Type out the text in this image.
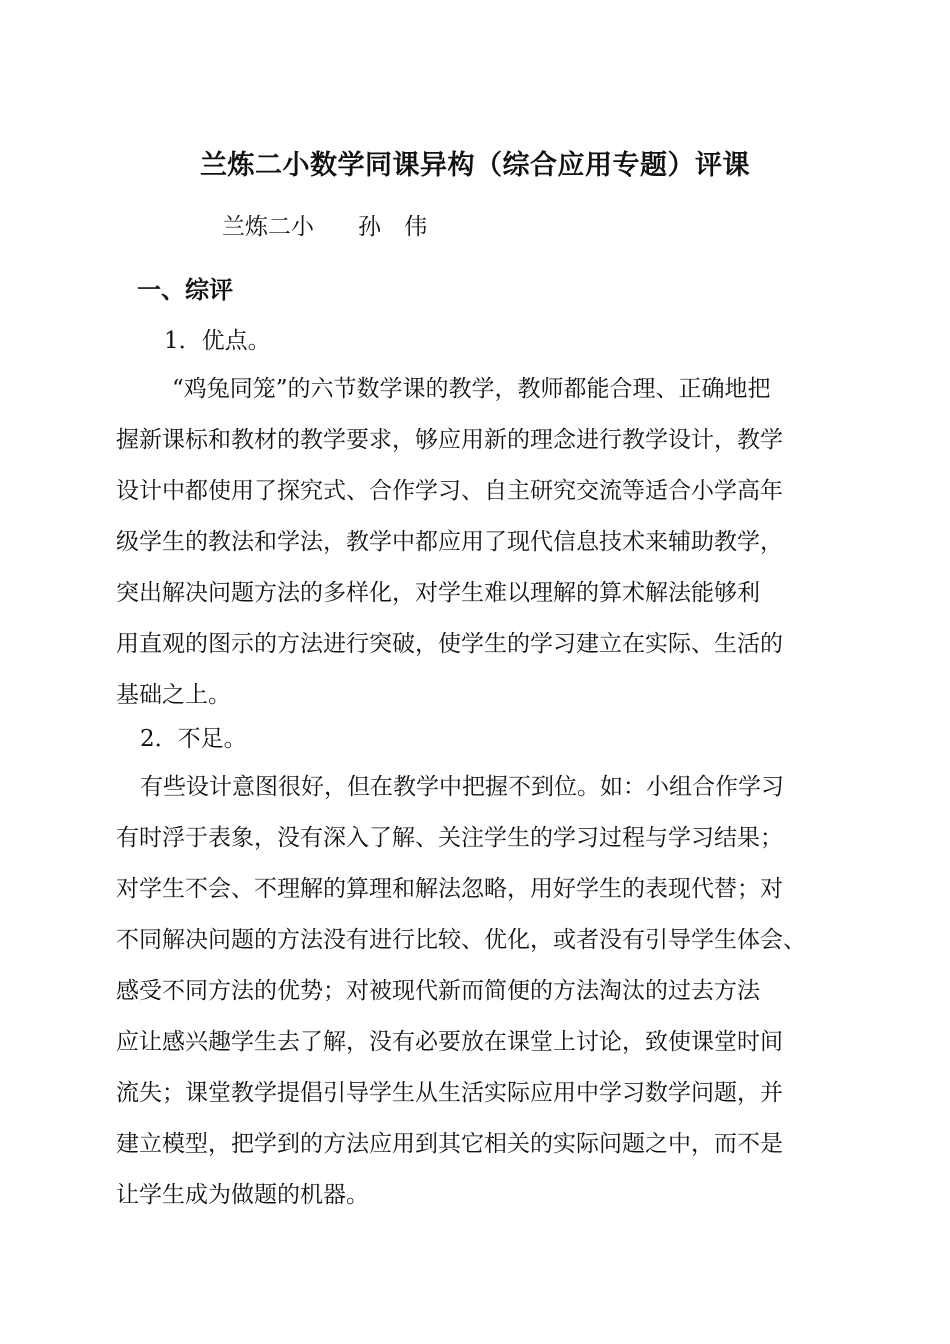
兰炼二小数学同课异构（综合应用专题）评课
兰炼二小 孙 伟
一、综评
1．优点。
“鸡兔同笼”的六节数学课的教学，教师都能合理、正确地把
握新课标和教材的教学要求，够应用新的理念进行教学设计，教学
设计中都使用了探究式、合作学习、自主研究交流等适合小学高年
级学生的教法和学法，教学中都应用了现代信息技术来辅助教学，
突出解决问题方法的多样化，对学生难以理解的算术解法能够利
用直观的图示的方法进行突破，使学生的学习建立在实际、生活的
基础之上。
2．不足。
有些设计意图很好，但在教学中把握不到位。如：小组合作学习
有时浮于表象，没有深入了解、关注学生的学习过程与学习结果；
对学生不会、不理解的算理和解法忽略，用好学生的表现代替；对
不同解决问题的方法没有进行比较、优化，或者没有引导学生体会、
感受不同方法的优势；对被现代新而简便的方法淘汰的过去方法
应让感兴趣学生去了解，没有必要放在课堂上讨论，致使课堂时间
流失；课堂教学提倡引导学生从生活实际应用中学习数学问题，并
建立模型，把学到的方法应用到其它相关的实际问题之中，而不是
让学生成为做题的机器。
